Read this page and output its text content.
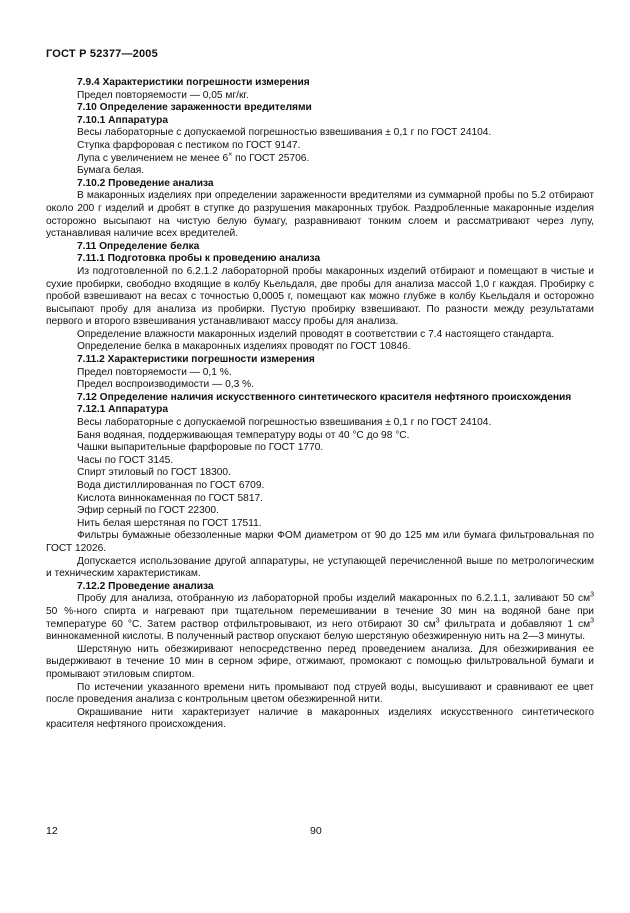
ГОСТ Р 52377—2005

7.9.4 Характеристики погрешности измерения

Предел повторяемости — 0,05 мг/кг.

7.10 Определение зараженности вредителями

7.10.1 Аппаратура

Весы лабораторные с допускаемой погрешностью взвешивания ± 0,1 г по ГОСТ 24104.

Ступка фарфоровая с пестиком по ГОСТ 9147.

Лупа с увеличением не менее 6× по ГОСТ 25706.

Бумага белая.

7.10.2 Проведение анализа

В макаронных изделиях при определении зараженности вредителями из суммарной пробы по 5.2 отбирают около 200 г изделий и дробят в ступке до разрушения макаронных трубок. Раздробленные макаронные изделия осторожно высыпают на чистую белую бумагу, разравнивают тонким слоем и рассматривают через лупу, устанавливая наличие всех вредителей.

7.11 Определение белка

7.11.1 Подготовка пробы к проведению анализа

Из подготовленной по 6.2.1.2 лабораторной пробы макаронных изделий отбирают и помещают в чистые и сухие пробирки, свободно входящие в колбу Кьельдаля, две пробы для анализа массой 1,0 г каждая. Пробирку с пробой взвешивают на весах с точностью 0,0005 г, помещают как можно глубже в колбу Кьельдаля и осторожно высыпают пробу для анализа из пробирки. Пустую пробирку взвешивают. По разности между результатами первого и второго взвешивания устанавливают массу пробы для анализа.

Определение влажности макаронных изделий проводят в соответствии с 7.4 настоящего стандарта.

Определение белка в макаронных изделиях проводят по ГОСТ 10846.

7.11.2 Характеристики погрешности измерения

Предел повторяемости — 0,1 %.

Предел воспроизводимости — 0,3 %.

7.12 Определение наличия искусственного синтетического красителя нефтяного происхождения

7.12.1 Аппаратура

Весы лабораторные с допускаемой погрешностью взвешивания ± 0,1 г по ГОСТ 24104.

Баня водяная, поддерживающая температуру воды от 40 °С до 98 °С.

Чашки выпарительные фарфоровые по ГОСТ 1770.

Часы по ГОСТ 3145.

Спирт этиловый по ГОСТ 18300.

Вода дистиллированная по ГОСТ 6709.

Кислота виннокаменная по ГОСТ 5817.

Эфир серный по ГОСТ 22300.

Нить белая шерстяная по ГОСТ 17511.

Фильтры бумажные обеззоленные марки ФОМ диаметром от 90 до 125 мм или бумага фильтровальная по ГОСТ 12026.

Допускается использование другой аппаратуры, не уступающей перечисленной выше по метрологическим и техническим характеристикам.

7.12.2 Проведение анализа

Пробу для анализа, отобранную из лабораторной пробы изделий макаронных по 6.2.1.1, заливают 50 $см^3$ 50 %-ного спирта и нагревают при тщательном перемешивании в течение 30 мин на водяной бане при температуре 60 °С. Затем раствор отфильтровывают, из него отбирают 30 $см^3$ фильтрата и добавляют 1 $см^3$ виннокаменной кислоты. В полученный раствор опускают белую шерстяную обезжиренную нить на 2—3 минуты.

Шерстяную нить обезжиривают непосредственно перед проведением анализа. Для обезжиривания ее выдерживают в течение 10 мин в серном эфире, отжимают, промокают с помощью фильтровальной бумаги и промывают этиловым спиртом.

По истечении указанного времени нить промывают под струей воды, высушивают и сравнивают ее цвет после проведения анализа с контрольным цветом обезжиренной нити.

Окрашивание нити характеризует наличие в макаронных изделиях искусственного синтетического красителя нефтяного происхождения.

12	90
